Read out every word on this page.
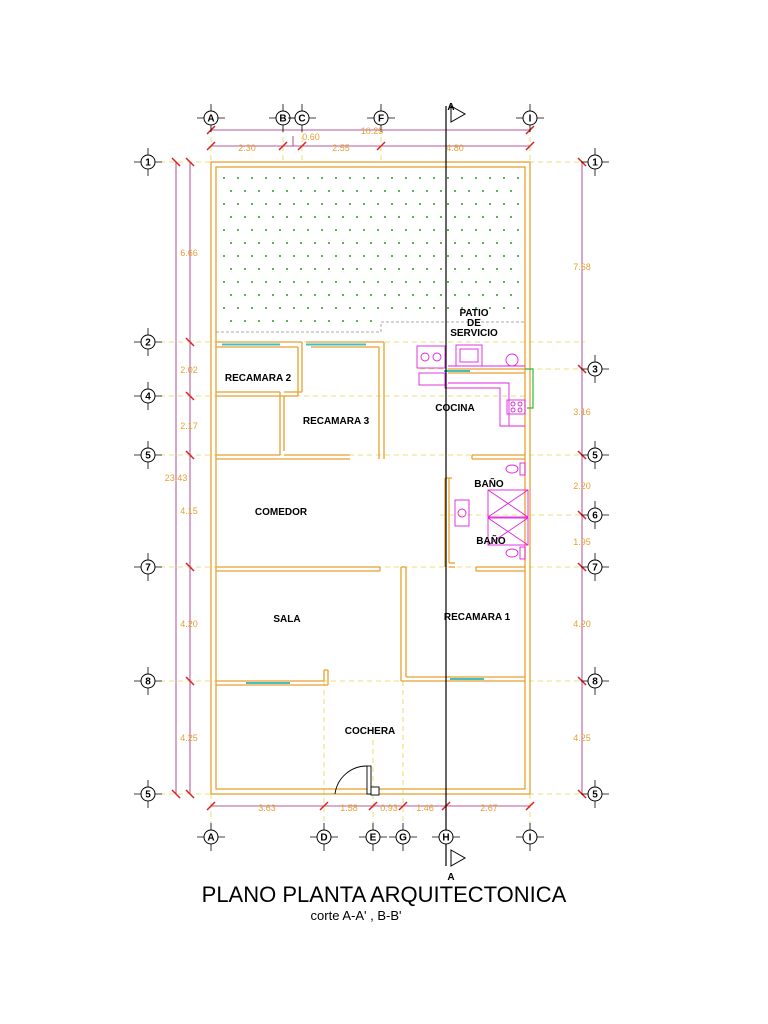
A	B C	F	I
A	D	E G	H	I
1
2
4
5
7
8
5
1
3
5
6
7
8
5
A
A
PATIO
DE
SERVICIO
RECAMARA 2
RECAMARA 3
COCINA
BAÑO
BAÑO
COMEDOR
SALA	RECAMARA 1
COCHERA
10.25
0.60
2.30	2.55	4.80
3.63	1.58 0.93 1.46	2.67
23.43
6.66
2.02
2.17
4.15
4.20
4.25
7.68
3.16
2.20
1.95
4.20
4.25
PLANO PLANTA ARQUITECTONICA
corte A-A' , B-B'
